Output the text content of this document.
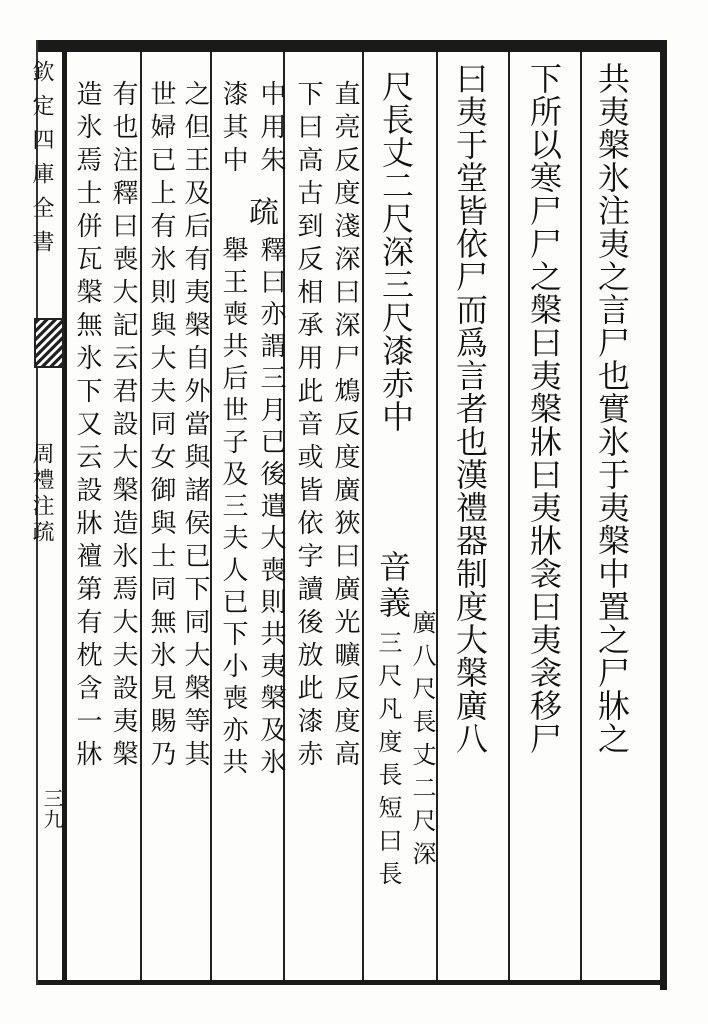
欽定四庫全書
周禮注疏
三九
共夷槃氷注夷之言尸也實氷于夷槃中置之尸牀之
下所以寒尸尸之槃曰夷槃牀曰夷牀衾曰夷衾移尸
曰夷于堂皆依尸而爲言者也漢禮器制度大槃廣八
尺長丈二尺深三尺漆赤中
音義
廣八尺長丈二尺深
三尺凡度長短曰長
直亮反度淺深曰深尸鴆反度廣狹曰廣光曠反度高
下曰高古到反相承用此音或皆依字讀後放此漆赤
中用朱
疏
釋曰亦謂三月已後遣大喪則共夷槃及氷
漆其中
舉王喪共后世子及三夫人已下小喪亦共
之但王及后有夷槃自外當與諸侯已下同大槃等其
世婦已上有氷則與大夫同女御與士同無氷見賜乃
有也注釋曰喪大記云君設大槃造氷焉大夫設夷槃
造氷焉士併瓦槃無氷下又云設牀襢第有枕含一牀
